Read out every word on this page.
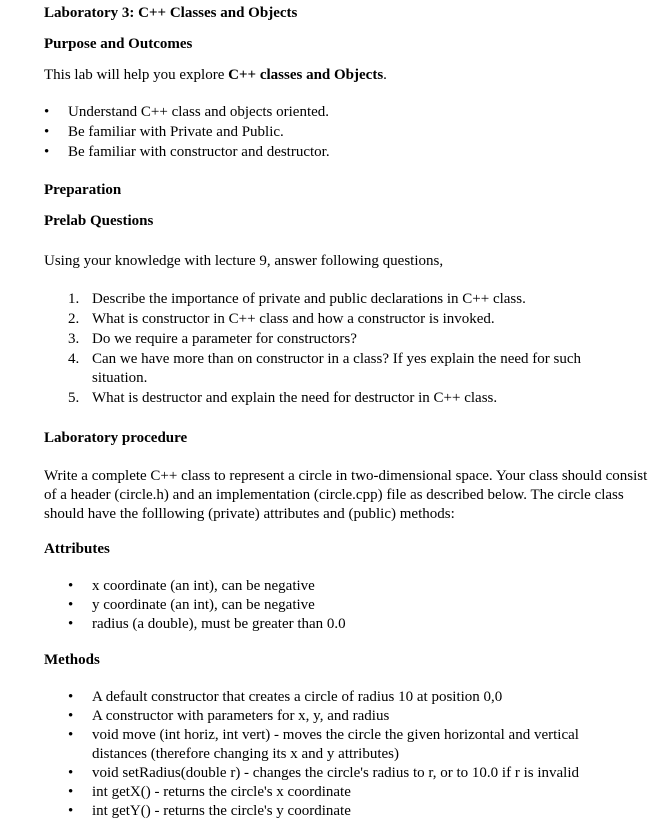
Laboratory 3: C++ Classes and Objects

Purpose and Outcomes

This lab will help you explore C++ classes and Objects.

• Understand C++ class and objects oriented.
• Be familiar with Private and Public.
• Be familiar with constructor and destructor.

Preparation

Prelab Questions

Using your knowledge with lecture 9, answer following questions,

1. Describe the importance of private and public declarations in C++ class.
2. What is constructor in C++ class and how a constructor is invoked.
3. Do we require a parameter for constructors?
4. Can we have more than on constructor in a class? If yes explain the need for such situation.
5. What is destructor and explain the need for destructor in C++ class.

Laboratory procedure

Write a complete C++ class to represent a circle in two-dimensional space. Your class should consist of a header (circle.h) and an implementation (circle.cpp) file as described below. The circle class should have the folllowing (private) attributes and (public) methods:

Attributes

• x coordinate (an int), can be negative
• y coordinate (an int), can be negative
• radius (a double), must be greater than 0.0

Methods

• A default constructor that creates a circle of radius 10 at position 0,0
• A constructor with parameters for x, y, and radius
• void move (int horiz, int vert) - moves the circle the given horizontal and vertical distances (therefore changing its x and y attributes)
• void setRadius(double r) - changes the circle's radius to r, or to 10.0 if r is invalid
• int getX() - returns the circle's x coordinate
• int getY() - returns the circle's y coordinate
